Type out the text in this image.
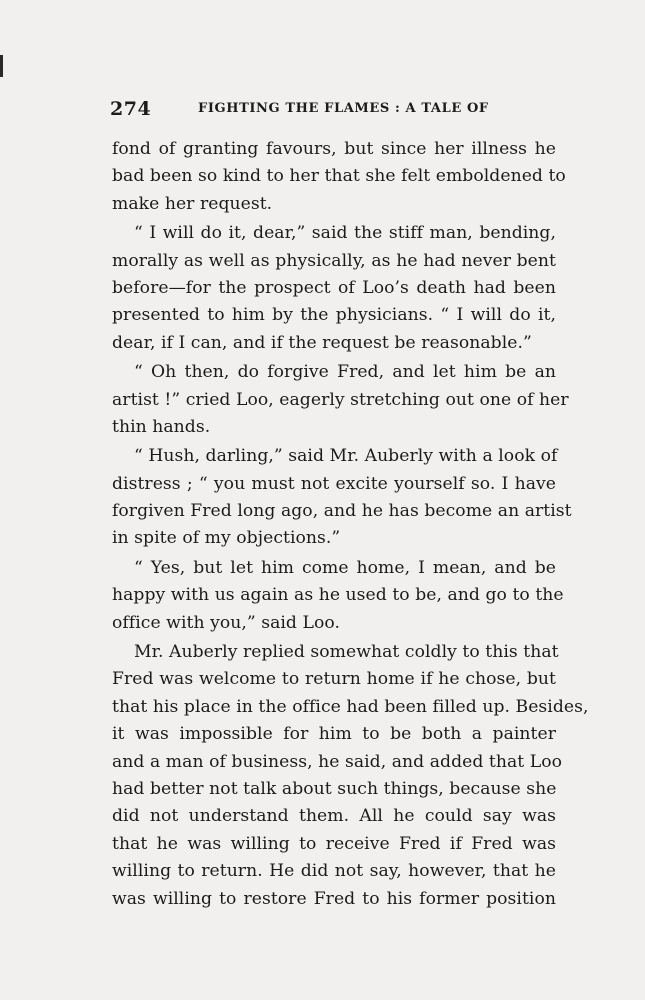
274	FIGHTING THE FLAMES : A TALE OF
fond of granting favours, but since her illness he
bad been so kind to her that she felt emboldened to
make her request.
“ I will do it, dear,” said the stiff man, bending,
morally as well as physically, as he had never bent
before—for the prospect of Loo’s death had been
presented to him by the physicians. “ I will do it,
dear, if I can, and if the request be reasonable.”
“ Oh then, do forgive Fred, and let him be an
artist !” cried Loo, eagerly stretching out one of her
thin hands.
“ Hush, darling,” said Mr. Auberly with a look of
distress ; “ you must not excite yourself so. I have
forgiven Fred long ago, and he has become an artist
in spite of my objections.”
“ Yes, but let him come home, I mean, and be
happy with us again as he used to be, and go to the
office with you,” said Loo.
Mr. Auberly replied somewhat coldly to this that
Fred was welcome to return home if he chose, but
that his place in the office had been filled up. Besides,
it was impossible for him to be both a painter
and a man of business, he said, and added that Loo
had better not talk about such things, because she
did not understand them. All he could say was
that he was willing to receive Fred if Fred was
willing to return. He did not say, however, that he
was willing to restore Fred to his former position
